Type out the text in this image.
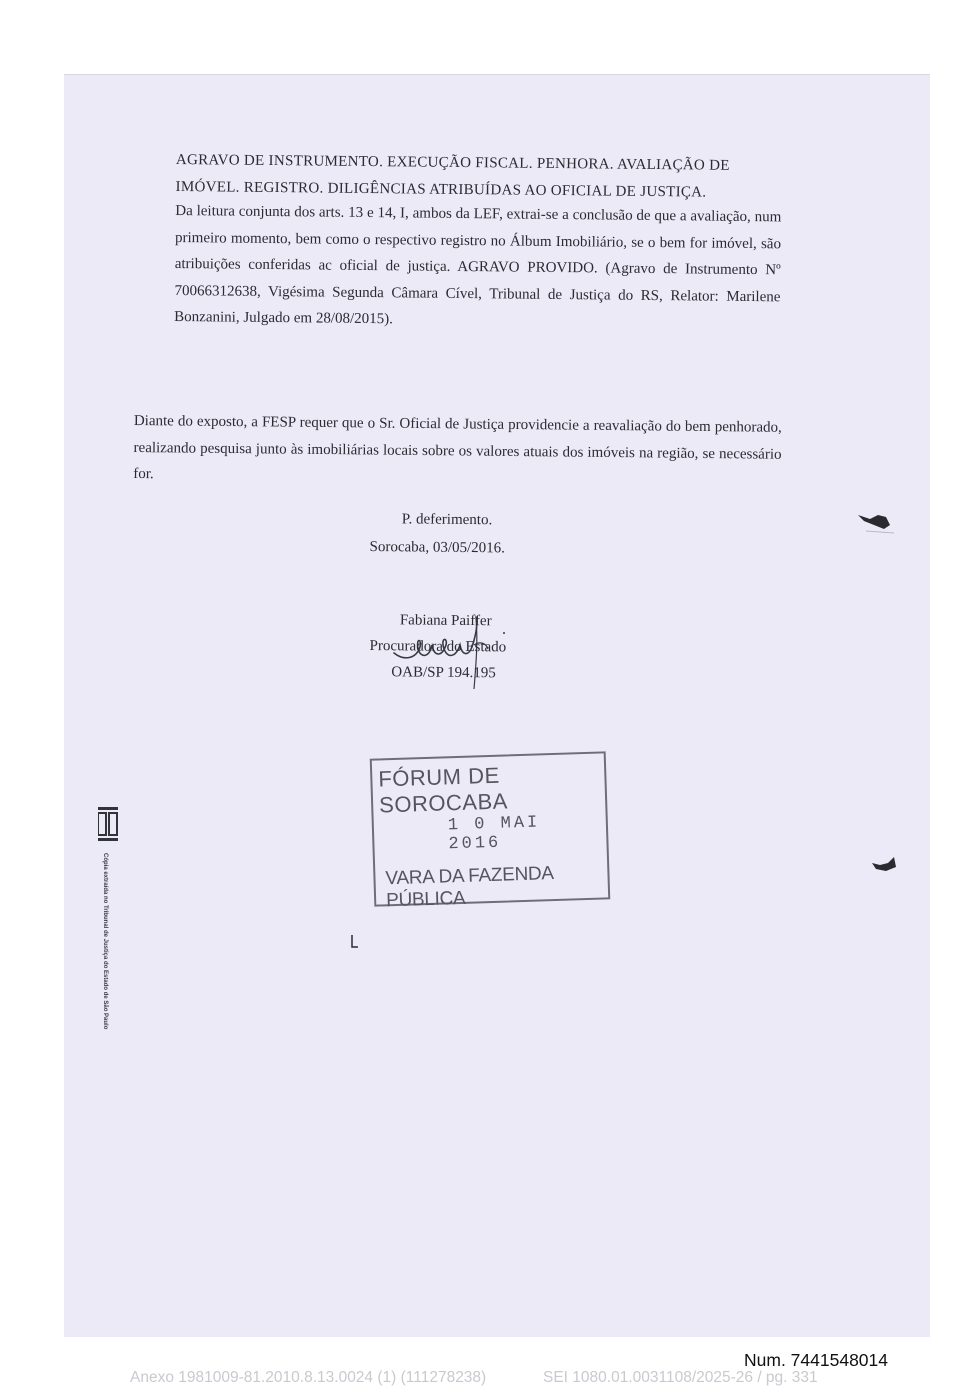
AGRAVO DE INSTRUMENTO. EXECUÇÃO FISCAL. PENHORA. AVALIAÇÃO DE
IMÓVEL. REGISTRO. DILIGÊNCIAS ATRIBUÍDAS AO OFICIAL DE JUSTIÇA.

Da leitura conjunta dos arts. 13 e 14, I, ambos da LEF, extrai-se a conclusão de que a avaliação, num primeiro momento, bem como o respectivo registro no Álbum Imobiliário, se o bem for imóvel, são atribuições conferidas ac oficial de justiça. AGRAVO PROVIDO. (Agravo de Instrumento Nº 70066312638, Vigésima Segunda Câmara Cível, Tribunal de Justiça do RS, Relator: Marilene Bonzanini, Julgado em 28/08/2015).

Diante do exposto, a FESP requer que o Sr. Oficial de Justiça providencie a reavaliação do bem penhorado, realizando pesquisa junto às imobiliárias locais sobre os valores atuais dos imóveis na região, se necessário for.

P. deferimento.
Sorocaba, 03/05/2016.
Fabiana Paiffer
Procuradora do Estado
OAB/SP 194.195
FÓRUM DE SOROCABA
1 0 MAI 2016
VARA DA FAZENDA PÚBLICA
Cópia extraída no Tribunal de Justiça do Estado de São Paulo
Num. 7441548014
Anexo 1981009-81.2010.8.13.0024 (1) (111278238)	SEI 1080.01.0031108/2025-26 / pg. 331
